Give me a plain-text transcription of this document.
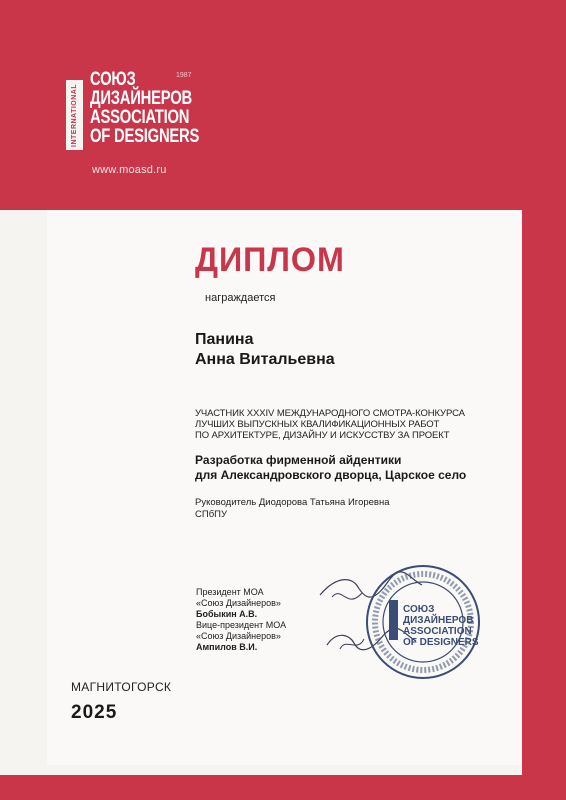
INTERNATIONAL
СОЮЗ
ДИЗАЙНЕРОВ
ASSOCIATION
OF DESIGNERS
1987
www.moasd.ru
ДИПЛОМ
награждается
Панина
Анна Витальевна
УЧАСТНИК XXXIV МЕЖДУНАРОДНОГО СМОТРА-КОНКУРСА
ЛУЧШИХ ВЫПУСКНЫХ КВАЛИФИКАЦИОННЫХ РАБОТ
ПО АРХИТЕКТУРЕ, ДИЗАЙНУ И ИСКУССТВУ ЗА ПРОЕКТ
Разработка фирменной айдентики
для Александровского дворца, Царское село
Руководитель Диодорова Татьяна Игоревна
СПбПУ
Президент МОА
«Союз Дизайнеров»
Бобыкин А.В.
Вице-президент МОА
«Союз Дизайнеров»
Ампилов В.И.
СОЮЗ
ДИЗАЙНЕРОВ
ASSOCIATION
OF DESIGNERS
МАГНИТОГОРСК
2025
